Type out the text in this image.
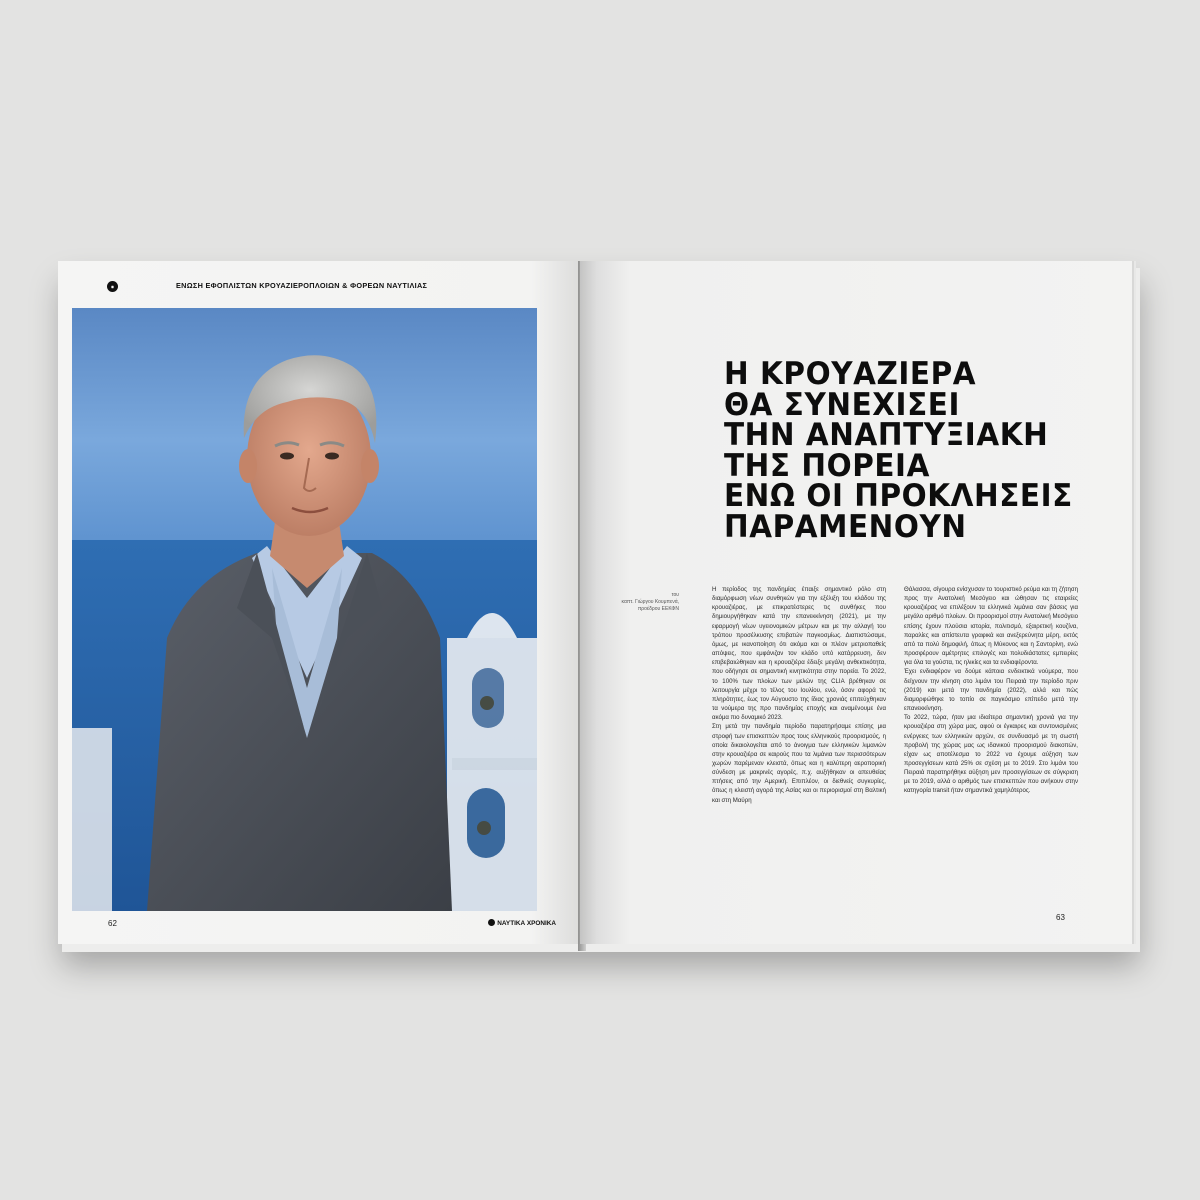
◉	ΕΝΩΣΗ ΕΦΟΠΛΙΣΤΩΝ ΚΡΟΥΑΖΙΕΡΟΠΛΟΙΩΝ & ΦΟΡΕΩΝ ΝΑΥΤΙΛΙΑΣ
62	ΝΑΥΤΙΚΑ ΧΡΟΝΙΚΑ
Η ΚΡΟΥΑΖΙΕΡΑ
ΘΑ ΣΥΝΕΧΙΣΕΙ
ΤΗΝ ΑΝΑΠΤΥΞΙΑΚΗ
ΤΗΣ ΠΟΡΕΙΑ
ΕΝΩ ΟΙ ΠΡΟΚΛΗΣΕΙΣ
ΠΑΡΑΜΕΝΟΥΝ
του
καπτ. Γιώργου Κουμπενά,
προέδρου ΕΕΚΦΝ

Η περίοδος της πανδημίας έπαιξε σημαντικό ρόλο στη διαμόρφωση νέων συνθηκών για την εξέλιξη του κλάδου της κρουαζιέρας, με επικρατέστερες τις συνθήκες που δημιουργήθηκαν κατά την επανεκκίνηση (2021), με την εφαρμογή νέων υγειονομικών μέτρων και με την αλλαγή του τρόπου προσέλκυσης επιβατών παγκοσμίως. Διαπιστώσαμε, όμως, με ικανοποίηση ότι ακόμα και οι πλέον μετριοπαθείς απόψεις, που εμφάνιζαν τον κλάδο υπό κατάρρευση, δεν επιβεβαιώθηκαν και η κρουαζιέρα έδειξε μεγάλη ανθεκτικότητα, που οδήγησε σε σημαντική κινητικότητα στην πορεία. Το 2022, το 100% των πλοίων των μελών της CLIA βρέθηκαν σε λειτουργία μέχρι το τέλος του Ιουλίου, ενώ, όσον αφορά τις πληρότητες, έως τον Αύγουστο της ίδιας χρονιάς επιτεύχθηκαν τα νούμερα της προ πανδημίας εποχής και αναμένουμε ένα ακόμα πιο δυναμικό 2023.

Στη μετά την πανδημία περίοδο παρατηρήσαμε επίσης μια στροφή των επισκεπτών προς τους ελληνικούς προορισμούς, η οποία δικαιολογείται από το άνοιγμα των ελληνικών λιμανιών στην κρουαζιέρα σε καιρούς που τα λιμάνια των περισσότερων χωρών παρέμεναν κλειστά, όπως και η καλύτερη αεροπορική σύνδεση με μακρινές αγορές, π.χ. αυξήθηκαν οι απευθείας πτήσεις από την Αμερική. Επιπλέον, οι διεθνείς συγκυρίες, όπως η κλειστή αγορά της Ασίας και οι περιορισμοί στη Βαλτική και στη Μαύρη

Θάλασσα, σίγουρα ενίσχυσαν το τουριστικό ρεύμα και τη ζήτηση προς την Ανατολική Μεσόγειο και ώθησαν τις εταιρείες κρουαζιέρας να επιλέξουν τα ελληνικά λιμάνια σαν βάσεις για μεγάλο αριθμό πλοίων. Οι προορισμοί στην Ανατολική Μεσόγειο επίσης έχουν πλούσια ιστορία, πολιτισμό, εξαιρετική κουζίνα, παραλίες και απίστευτα γραφικά και ανεξερεύνητα μέρη, εκτός από τα πολύ δημοφιλή, όπως η Μύκονος και η Σαντορίνη, ενώ προσφέρουν αμέτρητες επιλογές και πολυδιάστατες εμπειρίες για όλα τα γούστα, τις ηλικίες και τα ενδιαφέροντα.

Έχει ενδιαφέρον να δούμε κάποια ενδεικτικά νούμερα, που δείχνουν την κίνηση στο λιμάνι του Πειραιά την περίοδο πριν (2019) και μετά την πανδημία (2022), αλλά και πώς διαμορφώθηκε το τοπίο σε παγκόσμιο επίπεδο μετά την επανεκκίνηση.

Το 2022, τώρα, ήταν μια ιδιαίτερα σημαντική χρονιά για την κρουαζιέρα στη χώρα μας, αφού οι έγκαιρες και συντονισμένες ενέργειες των ελληνικών αρχών, σε συνδυασμό με τη σωστή προβολή της χώρας μας ως ιδανικού προορισμού διακοπών, είχαν ως αποτέλεσμα το 2022 να έχουμε αύξηση των προσεγγίσεων κατά 25% σε σχέση με το 2019. Στο λιμάνι του Πειραιά παρατηρήθηκε αύξηση μεν προσεγγίσεων σε σύγκριση με το 2019, αλλά ο αριθμός των επισκεπτών που ανήκουν στην κατηγορία transit ήταν σημαντικά χαμηλότερος.

63
